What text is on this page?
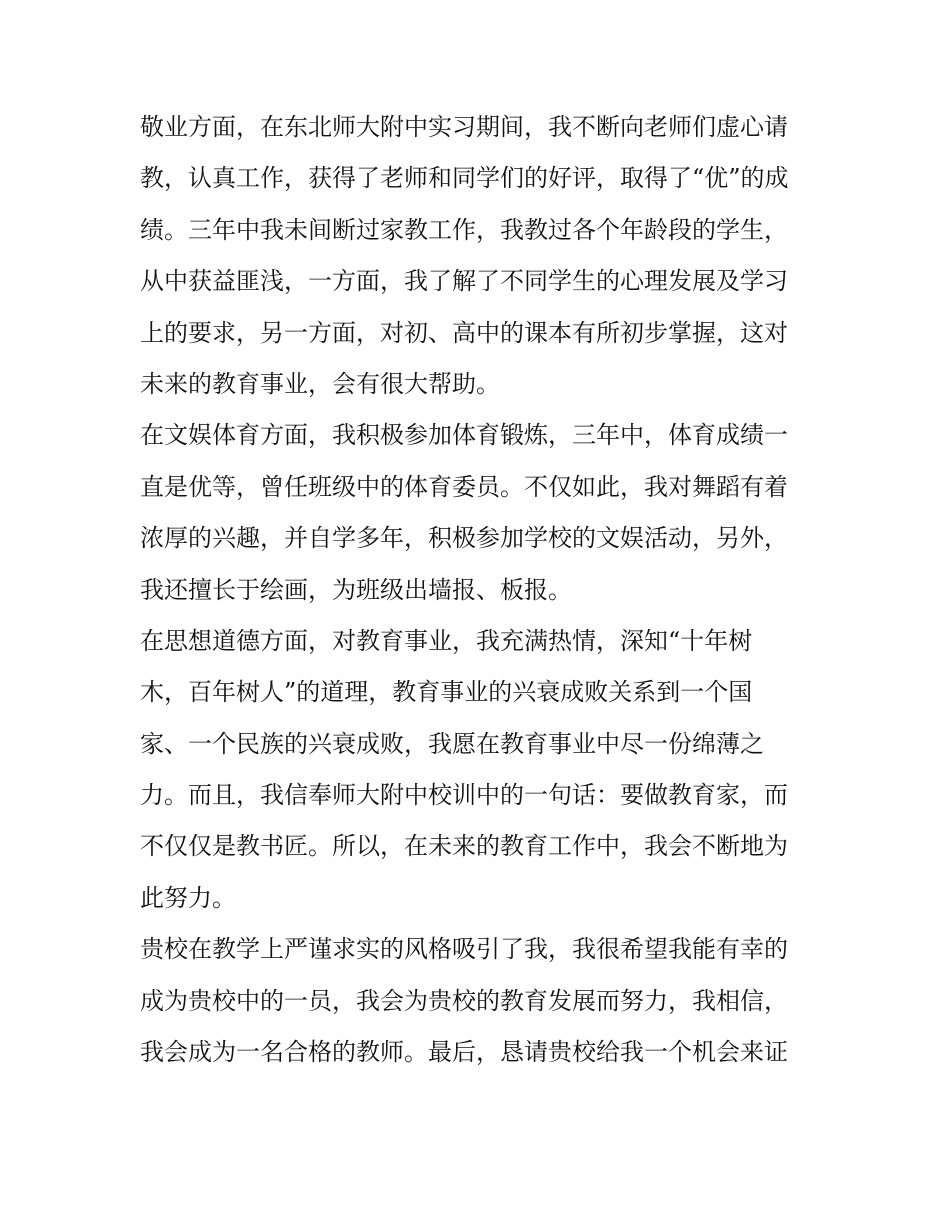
敬业方面，在东北师大附中实习期间，我不断向老师们虚心请
教，认真工作，获得了老师和同学们的好评，取得了“优”的成
绩。三年中我未间断过家教工作，我教过各个年龄段的学生，
从中获益匪浅，一方面，我了解了不同学生的心理发展及学习
上的要求，另一方面，对初、高中的课本有所初步掌握，这对
未来的教育事业，会有很大帮助。
在文娱体育方面，我积极参加体育锻炼，三年中，体育成绩一
直是优等，曾任班级中的体育委员。不仅如此，我对舞蹈有着
浓厚的兴趣，并自学多年，积极参加学校的文娱活动，另外，
我还擅长于绘画，为班级出墙报、板报。
在思想道德方面，对教育事业，我充满热情，深知“十年树
木，百年树人”的道理，教育事业的兴衰成败关系到一个国
家、一个民族的兴衰成败，我愿在教育事业中尽一份绵薄之
力。而且，我信奉师大附中校训中的一句话：要做教育家，而
不仅仅是教书匠。所以，在未来的教育工作中，我会不断地为
此努力。
贵校在教学上严谨求实的风格吸引了我，我很希望我能有幸的
成为贵校中的一员，我会为贵校的教育发展而努力，我相信，
我会成为一名合格的教师。最后，恳请贵校给我一个机会来证
